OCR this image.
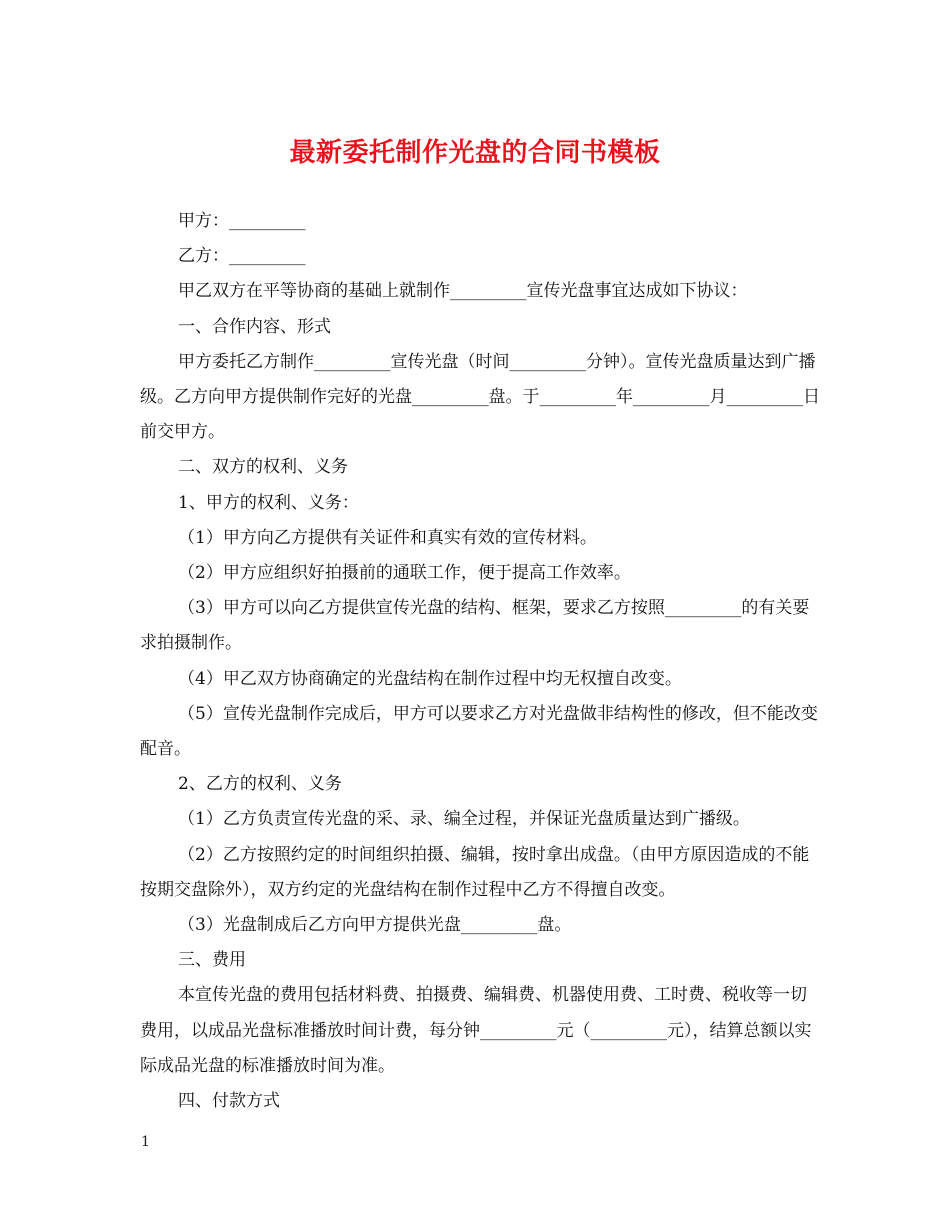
最新委托制作光盘的合同书模板

甲方：_________

乙方：_________

甲乙双方在平等协商的基础上就制作_________宣传光盘事宜达成如下协议：

一、合作内容、形式

甲方委托乙方制作_________宣传光盘（时间_________分钟）。宣传光盘质量达到广播级。乙方向甲方提供制作完好的光盘_________盘。于_________年_________月_________日前交甲方。

二、双方的权利、义务

1、甲方的权利、义务：

（1）甲方向乙方提供有关证件和真实有效的宣传材料。

（2）甲方应组织好拍摄前的通联工作，便于提高工作效率。

（3）甲方可以向乙方提供宣传光盘的结构、框架，要求乙方按照_________的有关要求拍摄制作。

（4）甲乙双方协商确定的光盘结构在制作过程中均无权擅自改变。

（5）宣传光盘制作完成后，甲方可以要求乙方对光盘做非结构性的修改，但不能改变配音。

2、乙方的权利、义务

（1）乙方负责宣传光盘的采、录、编全过程，并保证光盘质量达到广播级。

（2）乙方按照约定的时间组织拍摄、编辑，按时拿出成盘。（由甲方原因造成的不能按期交盘除外），双方约定的光盘结构在制作过程中乙方不得擅自改变。

（3）光盘制成后乙方向甲方提供光盘_________盘。

三、费用

本宣传光盘的费用包括材料费、拍摄费、编辑费、机器使用费、工时费、税收等一切费用，以成品光盘标准播放时间计费，每分钟_________元（_________元），结算总额以实际成品光盘的标准播放时间为准。

四、付款方式

1
